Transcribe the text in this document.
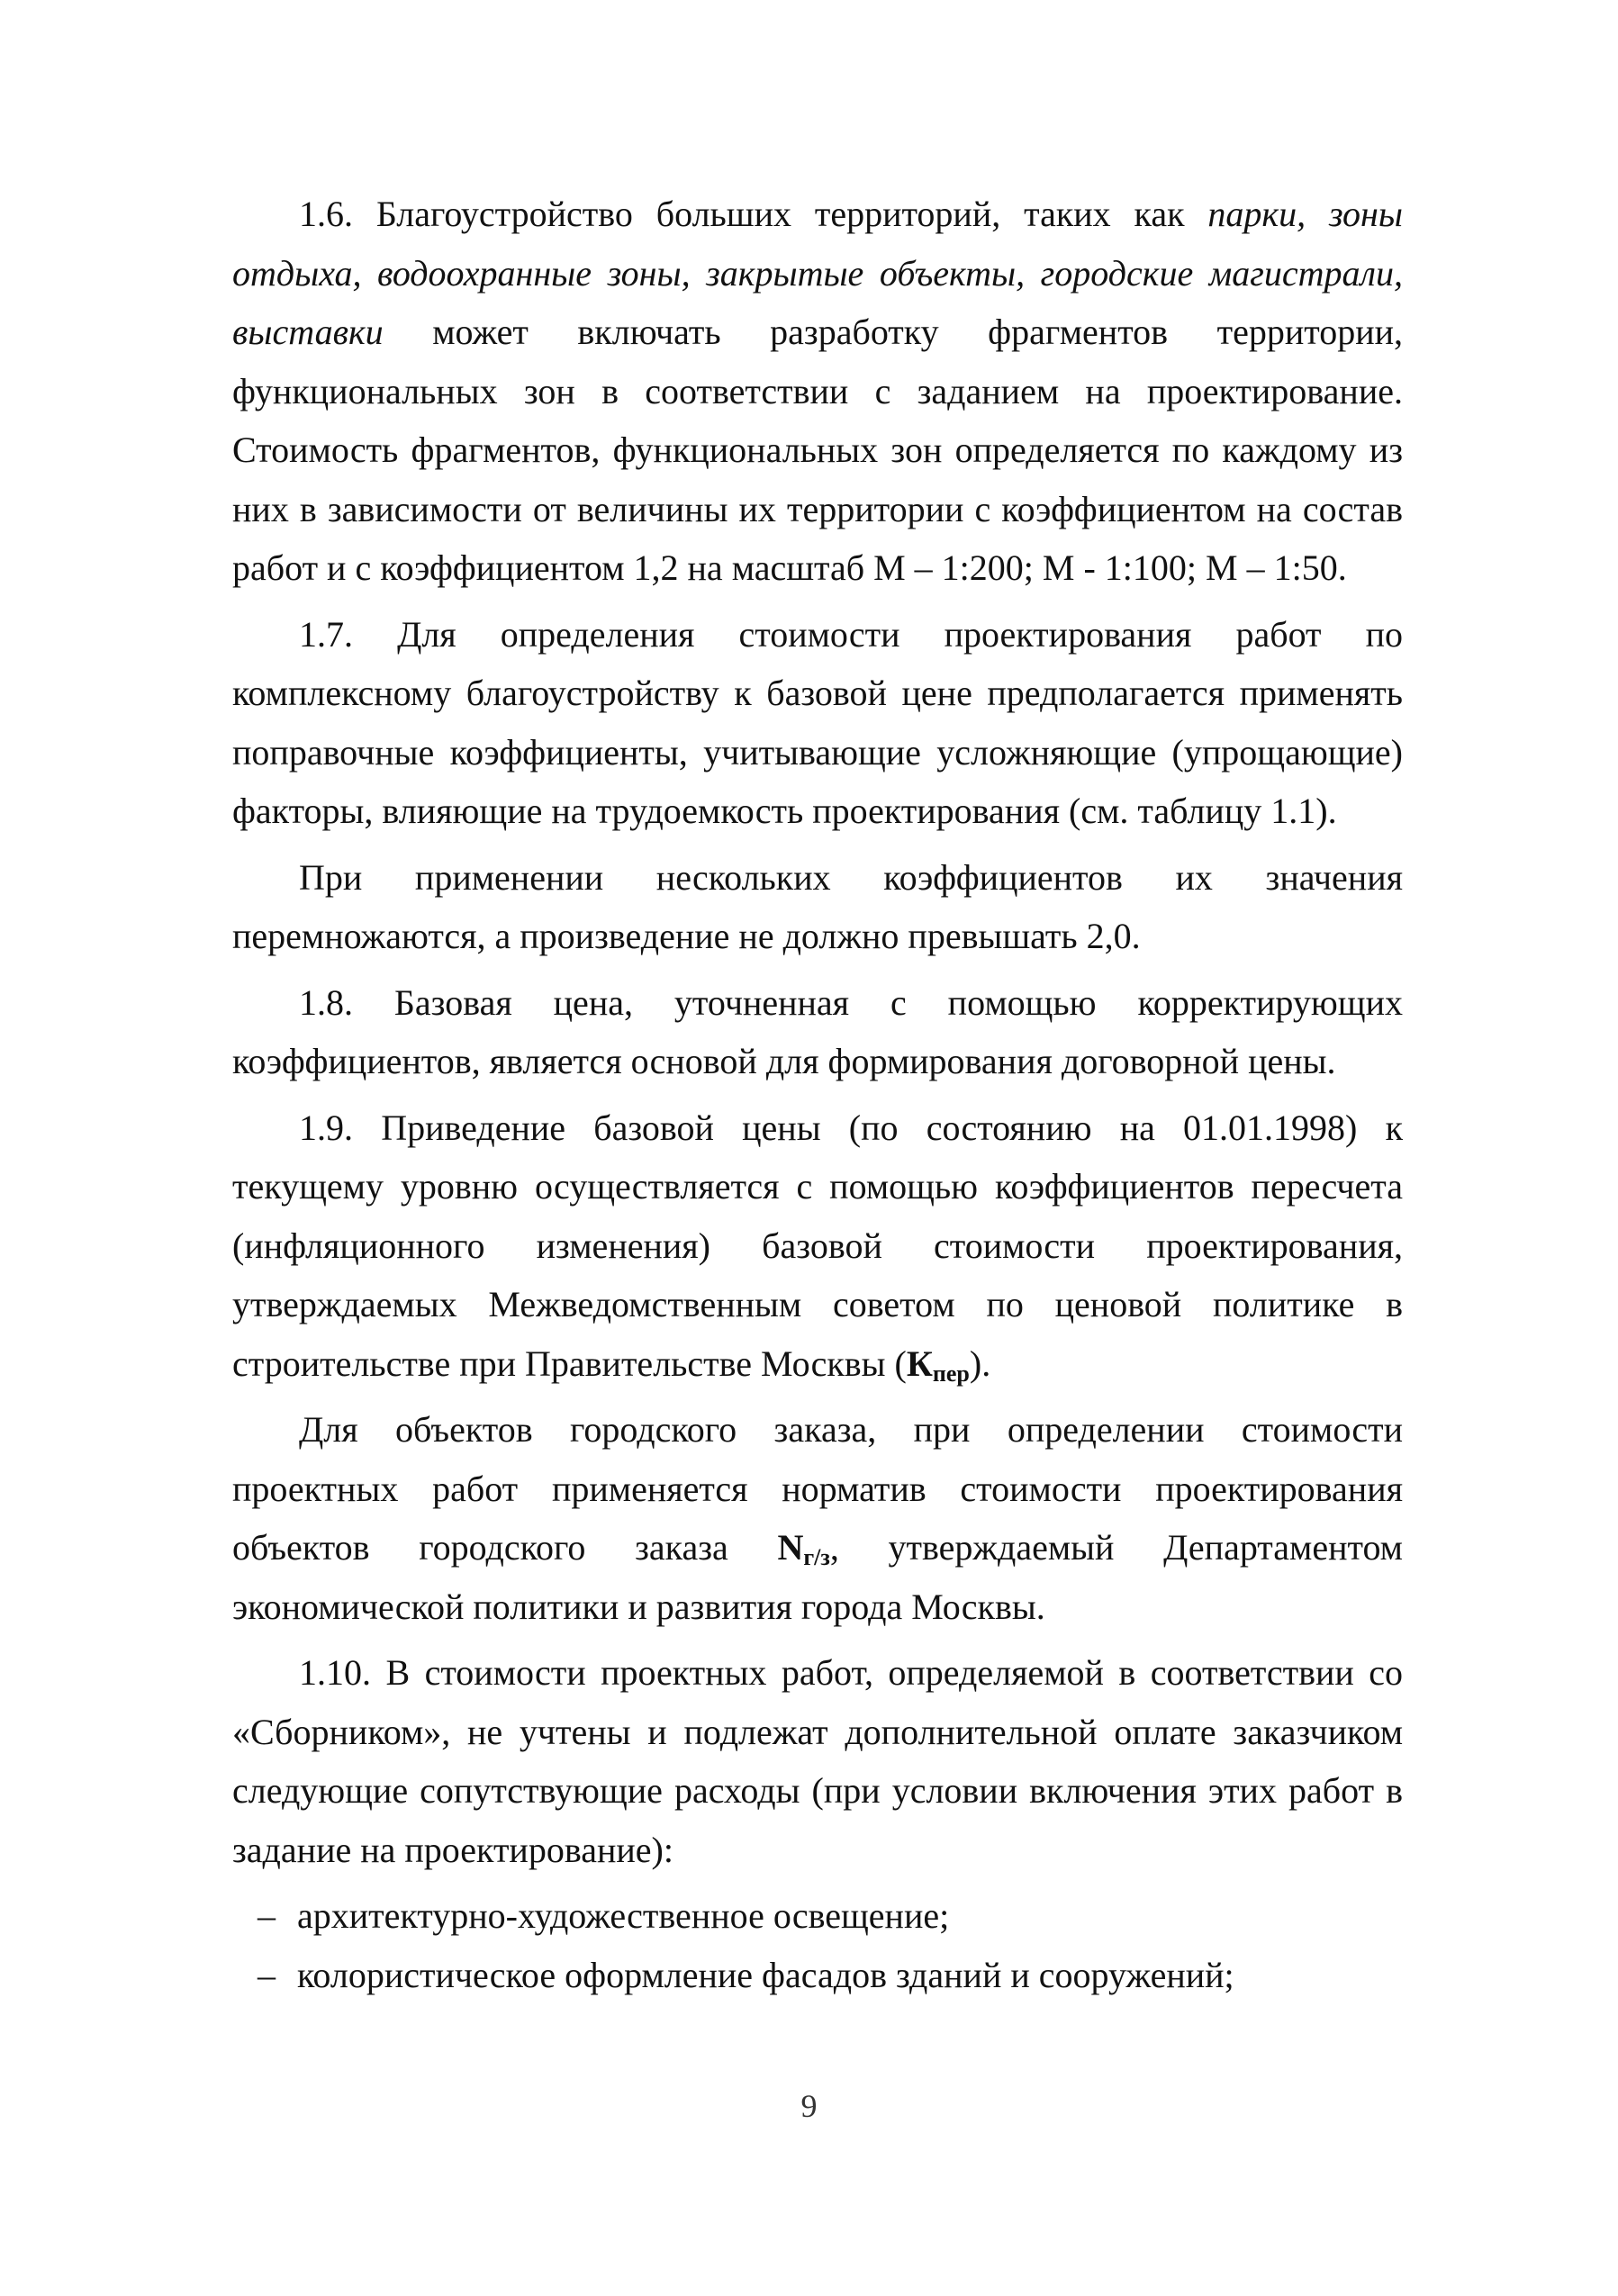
1.6. Благоустройство больших территорий, таких как парки, зоны отдыха, водоохранные зоны, закрытые объекты, городские магистрали, выставки может включать разработку фрагментов территории, функциональных зон в соответствии с заданием на проектирование. Стоимость фрагментов, функциональных зон определяется по каждому из них в зависимости от величины их территории с коэффициентом на состав работ и с коэффициентом 1,2 на масштаб М – 1:200; М - 1:100; М – 1:50.

1.7. Для определения стоимости проектирования работ по комплексному благоустройству к базовой цене предполагается применять поправочные коэффициенты, учитывающие усложняющие (упрощающие) факторы, влияющие на трудоемкость проектирования (см. таблицу 1.1).

При применении нескольких коэффициентов их значения перемножаются, а произведение не должно превышать 2,0.

1.8. Базовая цена, уточненная с помощью корректирующих коэффициентов, является основой для формирования договорной цены.

1.9. Приведение базовой цены (по состоянию на 01.01.1998) к текущему уровню осуществляется с помощью коэффициентов пересчета (инфляционного изменения) базовой стоимости проектирования, утверждаемых Межведомственным советом по ценовой политике в строительстве при Правительстве Москвы $(К_{пер})$.

Для объектов городского заказа, при определении стоимости проектных работ применяется норматив стоимости проектирования объектов городского заказа $N_{г/з}$, утверждаемый Департаментом экономической политики и развития города Москвы.

1.10. В стоимости проектных работ, определяемой в соответствии со «Сборником», не учтены и подлежат дополнительной оплате заказчиком следующие сопутствующие расходы (при условии включения этих работ в задание на проектирование):

– архитектурно-художественное освещение;
– колористическое оформление фасадов зданий и сооружений;
9
